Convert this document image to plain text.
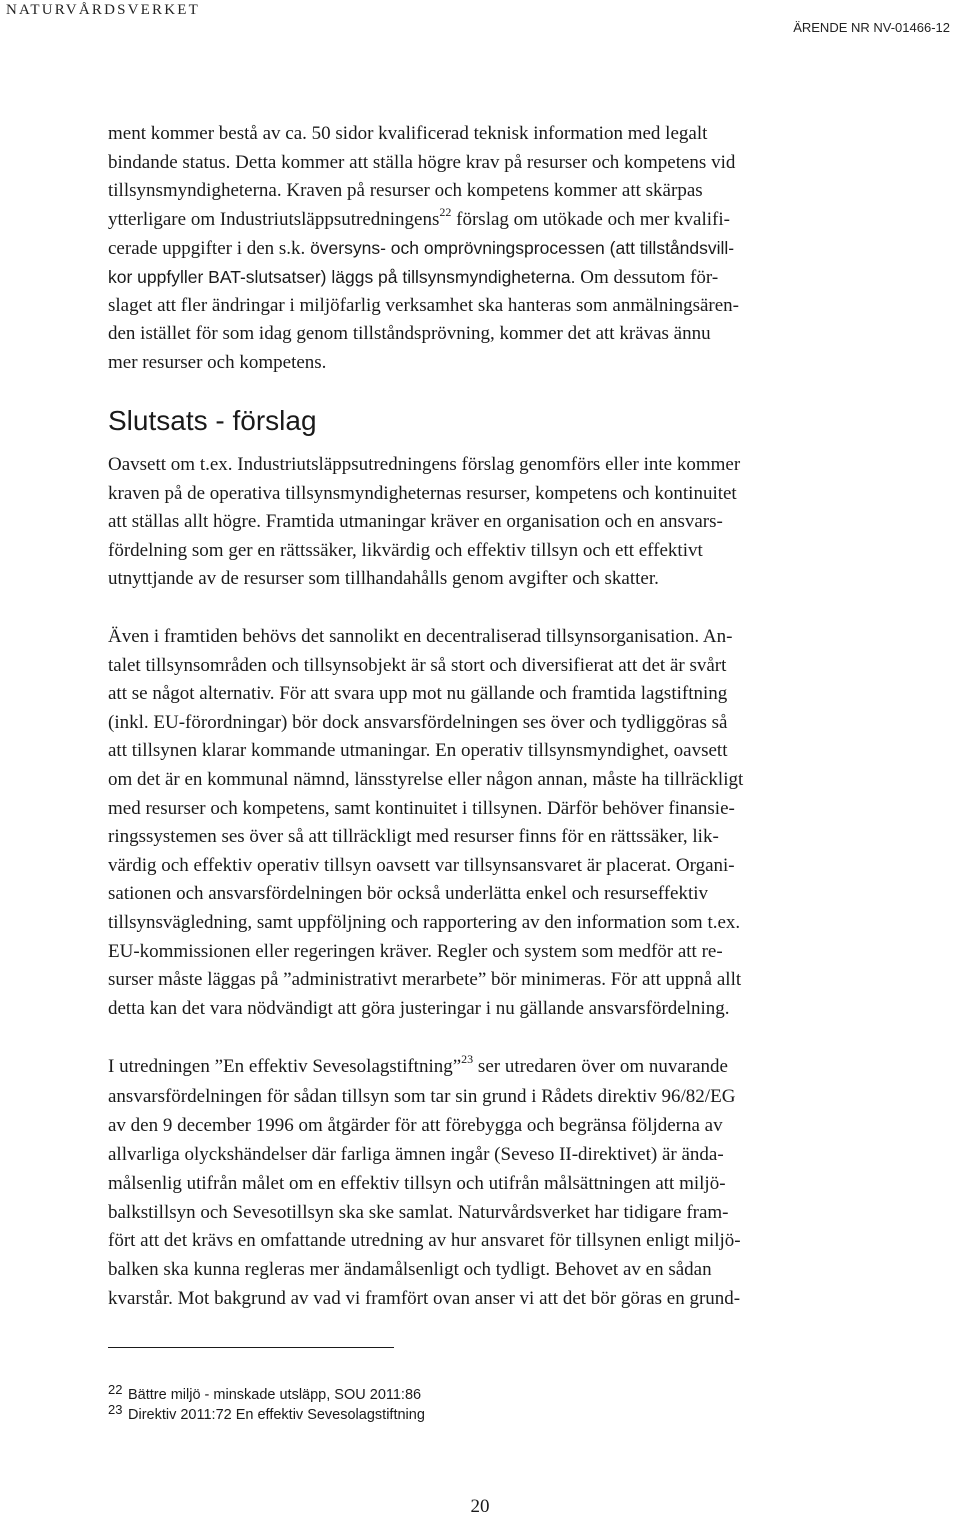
NATURVÅRDSVERKET
ÄRENDE NR NV-01466-12
ment kommer bestå av ca. 50 sidor kvalificerad teknisk information med legalt
bindande status. Detta kommer att ställa högre krav på resurser och kompetens vid
tillsynsmyndigheterna. Kraven på resurser och kompetens kommer att skärpas
ytterligare om Industriutsläppsutredningens$^{22}$ förslag om utökade och mer kvalifi-
cerade uppgifter i den s.k. översyns- och omprövningsprocessen (att tillståndsvill-
kor uppfyller BAT-slutsatser) läggs på tillsynsmyndigheterna. Om dessutom för-
slaget att fler ändringar i miljöfarlig verksamhet ska hanteras som anmälningsären-
den istället för som idag genom tillståndsprövning, kommer det att krävas ännu
mer resurser och kompetens.
Slutsats - förslag
Oavsett om t.ex. Industriutsläppsutredningens förslag genomförs eller inte kommer
kraven på de operativa tillsynsmyndigheternas resurser, kompetens och kontinuitet
att ställas allt högre. Framtida utmaningar kräver en organisation och en ansvars-
fördelning som ger en rättssäker, likvärdig och effektiv tillsyn och ett effektivt
utnyttjande av de resurser som tillhandahålls genom avgifter och skatter.
Även i framtiden behövs det sannolikt en decentraliserad tillsynsorganisation. An-
talet tillsynsområden och tillsynsobjekt är så stort och diversifierat att det är svårt
att se något alternativ. För att svara upp mot nu gällande och framtida lagstiftning
(inkl. EU-förordningar) bör dock ansvarsfördelningen ses över och tydliggöras så
att tillsynen klarar kommande utmaningar. En operativ tillsynsmyndighet, oavsett
om det är en kommunal nämnd, länsstyrelse eller någon annan, måste ha tillräckligt
med resurser och kompetens, samt kontinuitet i tillsynen. Därför behöver finansie-
ringssystemen ses över så att tillräckligt med resurser finns för en rättssäker, lik-
värdig och effektiv operativ tillsyn oavsett var tillsynsansvaret är placerat. Organi-
sationen och ansvarsfördelningen bör också underlätta enkel och resurseffektiv
tillsynsvägledning, samt uppföljning och rapportering av den information som t.ex.
EU-kommissionen eller regeringen kräver. Regler och system som medför att re-
surser måste läggas på ”administrativt merarbete” bör minimeras. För att uppnå allt
detta kan det vara nödvändigt att göra justeringar i nu gällande ansvarsfördelning.
I utredningen ”En effektiv Sevesolagstiftning”$^{23}$ ser utredaren över om nuvarande
ansvarsfördelningen för sådan tillsyn som tar sin grund i Rådets direktiv 96/82/EG
av den 9 december 1996 om åtgärder för att förebygga och begränsa följderna av
allvarliga olyckshändelser där farliga ämnen ingår (Seveso II-direktivet) är ända-
målsenlig utifrån målet om en effektiv tillsyn och utifrån målsättningen att miljö-
balkstillsyn och Sevesotillsyn ska ske samlat. Naturvårdsverket har tidigare fram-
fört att det krävs en omfattande utredning av hur ansvaret för tillsynen enligt miljö-
balken ska kunna regleras mer ändamålsenligt och tydligt. Behovet av en sådan
kvarstår. Mot bakgrund av vad vi framfört ovan anser vi att det bör göras en grund-
22 Bättre miljö - minskade utsläpp, SOU 2011:86
23 Direktiv 2011:72 En effektiv Sevesolagstiftning
20
